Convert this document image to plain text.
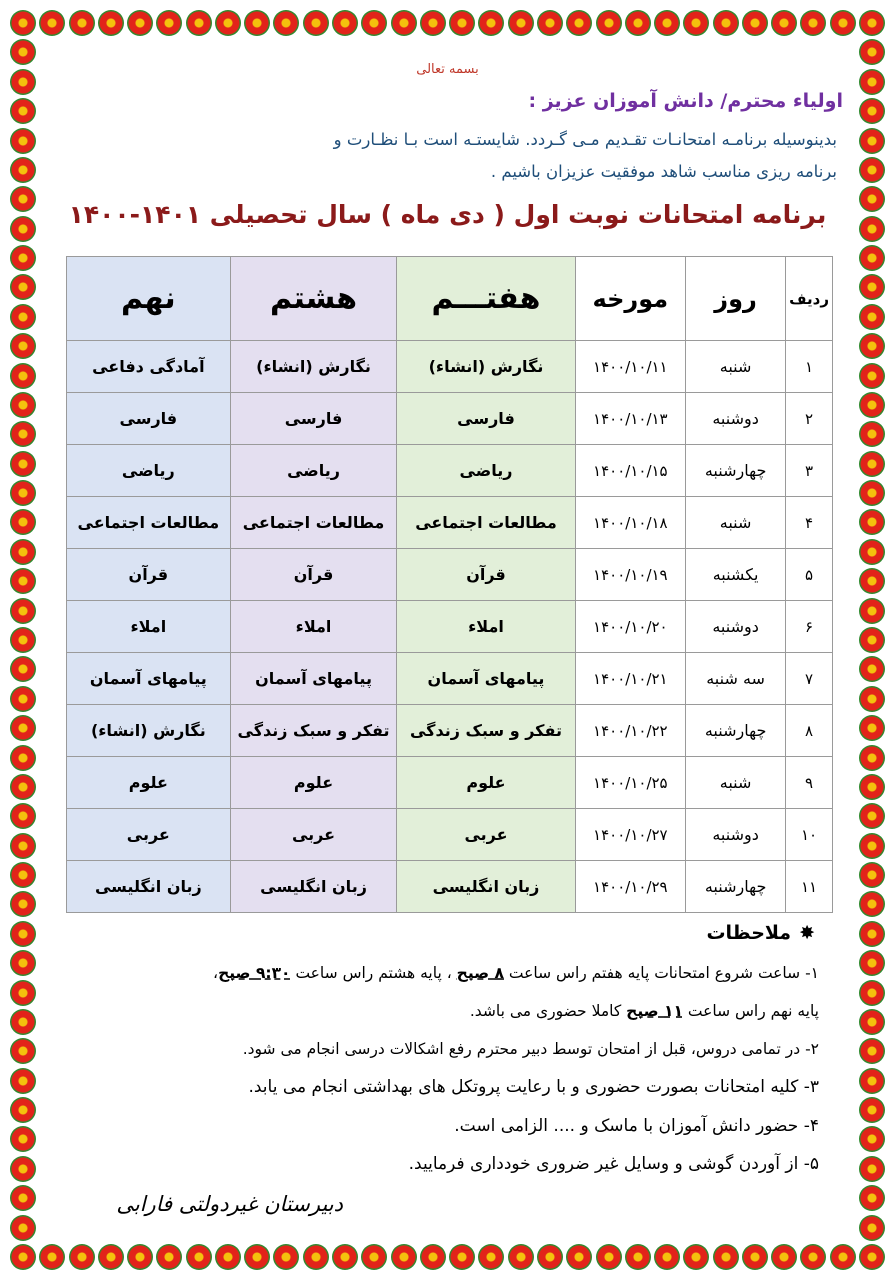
بسمه تعالی
اولیاء محترم/ دانش آموزان عزیز :
بدینوسیله برنامـه امتحانـات تقـدیم مـی گـردد. شایستـه است بـا نظـارت و
برنامه ریزی مناسب شاهد موفقیت عزیزان باشیم .
برنامه امتحانات نوبت اول ( دی ماه ) سال تحصیلی ۱۴۰۱-۱۴۰۰
ردیف	روز	مورخه	هفتـــم	هشتم	نهم
۱	شنبه	۱۴۰۰/۱۰/۱۱	نگارش (انشاء)	نگارش (انشاء)	آمادگی دفاعی
۲	دوشنبه	۱۴۰۰/۱۰/۱۳	فارسی	فارسی	فارسی
۳	چهارشنبه	۱۴۰۰/۱۰/۱۵	ریاضی	ریاضی	ریاضی
۴	شنبه	۱۴۰۰/۱۰/۱۸	مطالعات اجتماعی	مطالعات اجتماعی	مطالعات اجتماعی
۵	یکشنبه	۱۴۰۰/۱۰/۱۹	قرآن	قرآن	قرآن
۶	دوشنبه	۱۴۰۰/۱۰/۲۰	املاء	املاء	املاء
۷	سه شنبه	۱۴۰۰/۱۰/۲۱	پیامهای آسمان	پیامهای آسمان	پیامهای آسمان
۸	چهارشنبه	۱۴۰۰/۱۰/۲۲	تفکر و سبک زندگی	تفکر و سبک زندگی	نگارش (انشاء)
۹	شنبه	۱۴۰۰/۱۰/۲۵	علوم	علوم	علوم
۱۰	دوشنبه	۱۴۰۰/۱۰/۲۷	عربی	عربی	عربی
۱۱	چهارشنبه	۱۴۰۰/۱۰/۲۹	زبان انگلیسی	زبان انگلیسی	زبان انگلیسی
✸ملاحظات
۱- ساعت شروع امتحانات پایه هفتم راس ساعت ۸ صبح ، پایه هشتم راس ساعت ۹:۳۰ صبح،
پایه نهم راس ساعت ۱۱ صبح کاملا حضوری می باشد.
۲- در تمامی دروس، قبل از امتحان توسط دبیر محترم رفع اشکالات درسی انجام می شود.
۳- کلیه امتحانات بصورت حضوری و با رعایت پروتکل های بهداشتی انجام می یابد.
۴- حضور دانش آموزان با ماسک و .... الزامی است.
۵- از آوردن گوشی و وسایل غیر ضروری خودداری فرمایید.
دبیرستان غیردولتی فارابی
